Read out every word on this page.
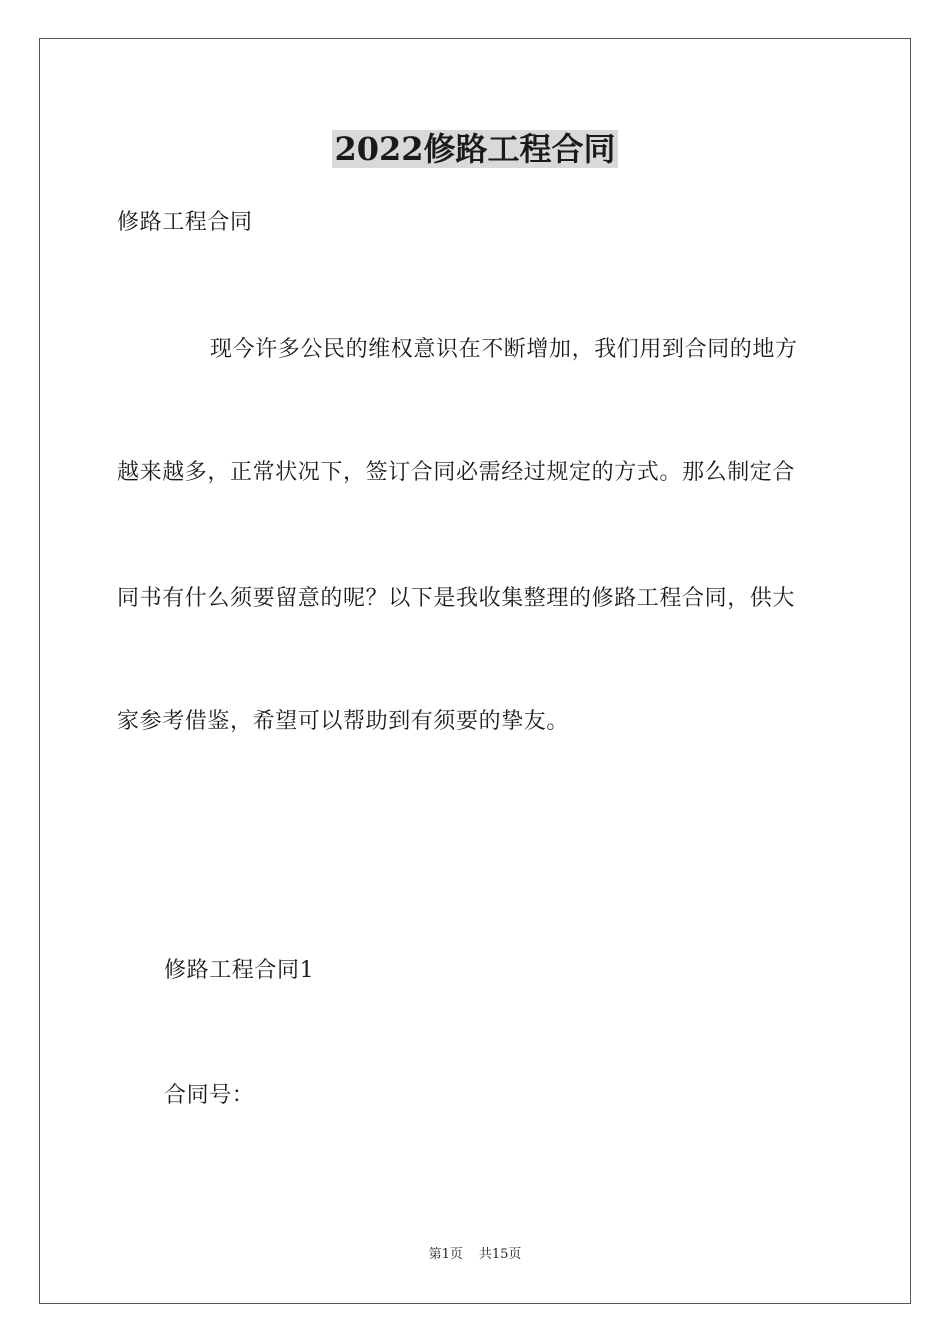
2022修路工程合同

修路工程合同

现今许多公民的维权意识在不断增加，我们用到合同的地方

越来越多，正常状况下，签订合同必需经过规定的方式。那么制定合

同书有什么须要留意的呢？以下是我收集整理的修路工程合同，供大

家参考借鉴，希望可以帮助到有须要的挚友。

修路工程合同1

合同号：

第1页 共15页
